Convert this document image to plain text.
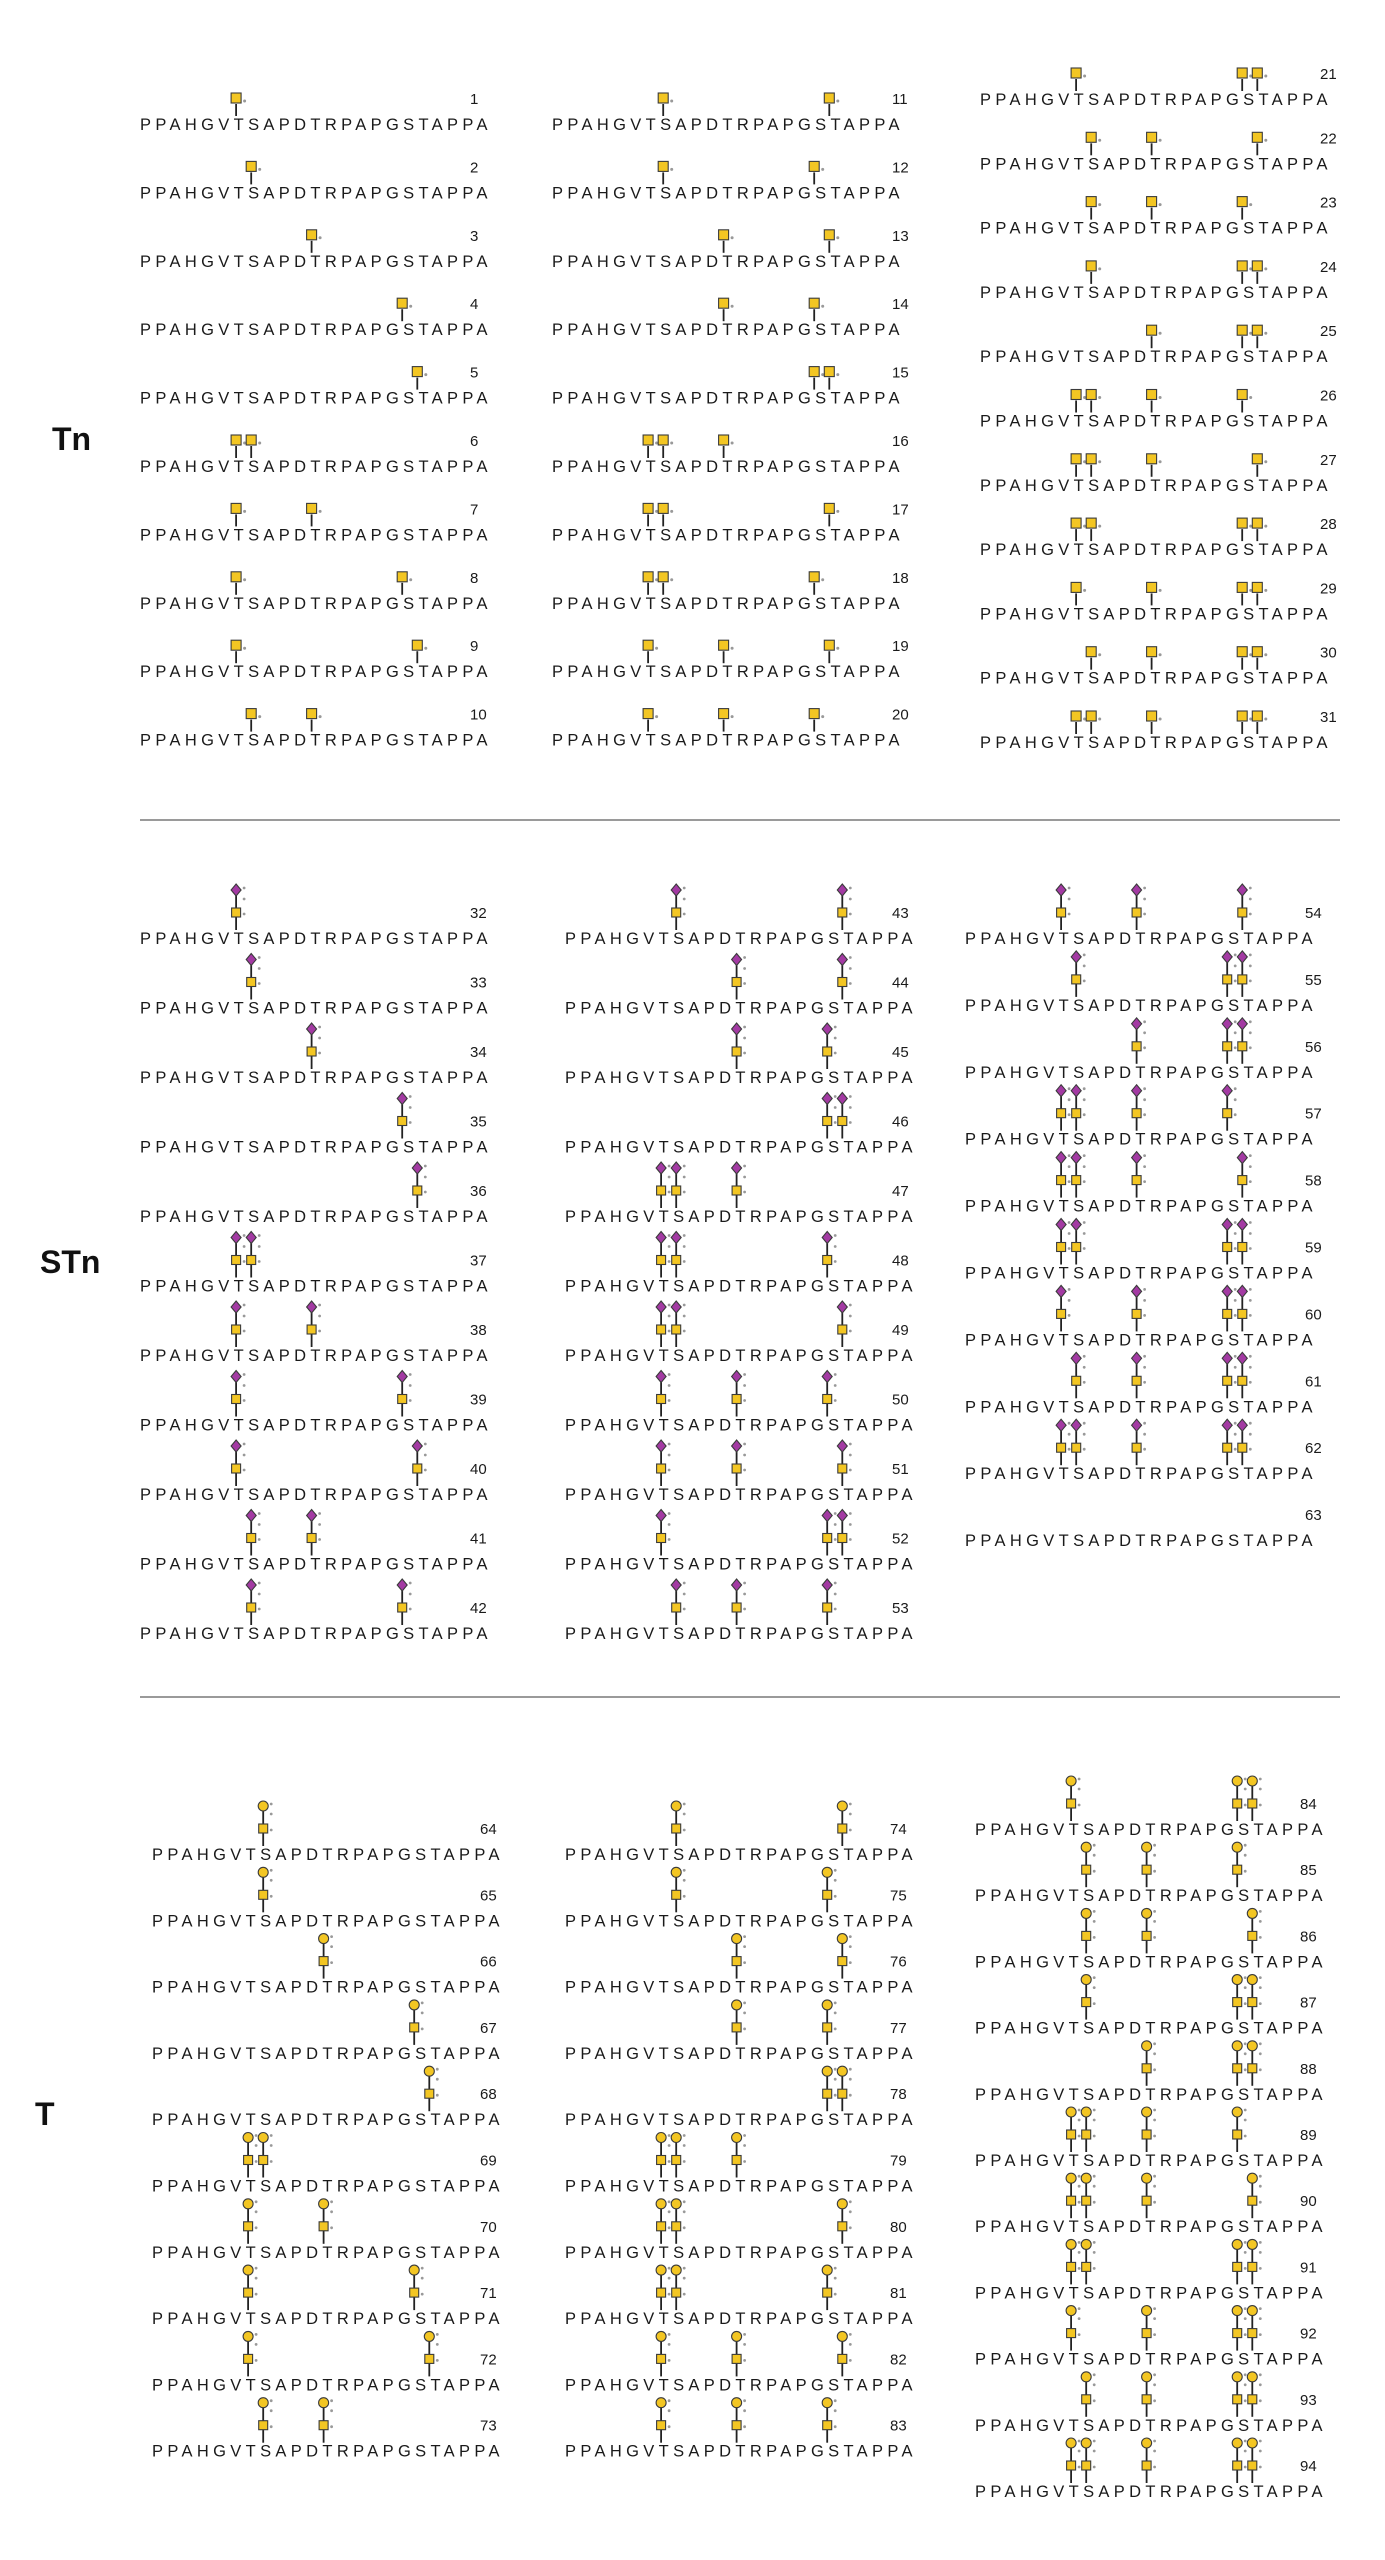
Tn
STn
T
PPAHGVTSAPDTRPAPGSTAPPA
1
PPAHGVTSAPDTRPAPGSTAPPA
2
PPAHGVTSAPDTRPAPGSTAPPA
3
PPAHGVTSAPDTRPAPGSTAPPA
4
PPAHGVTSAPDTRPAPGSTAPPA
5
PPAHGVTSAPDTRPAPGSTAPPA
6
PPAHGVTSAPDTRPAPGSTAPPA
7
PPAHGVTSAPDTRPAPGSTAPPA
8
PPAHGVTSAPDTRPAPGSTAPPA
9
PPAHGVTSAPDTRPAPGSTAPPA
10
PPAHGVTSAPDTRPAPGSTAPPA
11
PPAHGVTSAPDTRPAPGSTAPPA
12
PPAHGVTSAPDTRPAPGSTAPPA
13
PPAHGVTSAPDTRPAPGSTAPPA
14
PPAHGVTSAPDTRPAPGSTAPPA
15
PPAHGVTSAPDTRPAPGSTAPPA
16
PPAHGVTSAPDTRPAPGSTAPPA
17
PPAHGVTSAPDTRPAPGSTAPPA
18
PPAHGVTSAPDTRPAPGSTAPPA
19
PPAHGVTSAPDTRPAPGSTAPPA
20
PPAHGVTSAPDTRPAPGSTAPPA
21
PPAHGVTSAPDTRPAPGSTAPPA
22
PPAHGVTSAPDTRPAPGSTAPPA
23
PPAHGVTSAPDTRPAPGSTAPPA
24
PPAHGVTSAPDTRPAPGSTAPPA
25
PPAHGVTSAPDTRPAPGSTAPPA
26
PPAHGVTSAPDTRPAPGSTAPPA
27
PPAHGVTSAPDTRPAPGSTAPPA
28
PPAHGVTSAPDTRPAPGSTAPPA
29
PPAHGVTSAPDTRPAPGSTAPPA
30
PPAHGVTSAPDTRPAPGSTAPPA
31
PPAHGVTSAPDTRPAPGSTAPPA
32
PPAHGVTSAPDTRPAPGSTAPPA
33
PPAHGVTSAPDTRPAPGSTAPPA
34
PPAHGVTSAPDTRPAPGSTAPPA
35
PPAHGVTSAPDTRPAPGSTAPPA
36
PPAHGVTSAPDTRPAPGSTAPPA
37
PPAHGVTSAPDTRPAPGSTAPPA
38
PPAHGVTSAPDTRPAPGSTAPPA
39
PPAHGVTSAPDTRPAPGSTAPPA
40
PPAHGVTSAPDTRPAPGSTAPPA
41
PPAHGVTSAPDTRPAPGSTAPPA
42
PPAHGVTSAPDTRPAPGSTAPPA
43
PPAHGVTSAPDTRPAPGSTAPPA
44
PPAHGVTSAPDTRPAPGSTAPPA
45
PPAHGVTSAPDTRPAPGSTAPPA
46
PPAHGVTSAPDTRPAPGSTAPPA
47
PPAHGVTSAPDTRPAPGSTAPPA
48
PPAHGVTSAPDTRPAPGSTAPPA
49
PPAHGVTSAPDTRPAPGSTAPPA
50
PPAHGVTSAPDTRPAPGSTAPPA
51
PPAHGVTSAPDTRPAPGSTAPPA
52
PPAHGVTSAPDTRPAPGSTAPPA
53
PPAHGVTSAPDTRPAPGSTAPPA
54
PPAHGVTSAPDTRPAPGSTAPPA
55
PPAHGVTSAPDTRPAPGSTAPPA
56
PPAHGVTSAPDTRPAPGSTAPPA
57
PPAHGVTSAPDTRPAPGSTAPPA
58
PPAHGVTSAPDTRPAPGSTAPPA
59
PPAHGVTSAPDTRPAPGSTAPPA
60
PPAHGVTSAPDTRPAPGSTAPPA
61
PPAHGVTSAPDTRPAPGSTAPPA
62
PPAHGVTSAPDTRPAPGSTAPPA
63
PPAHGVTSAPDTRPAPGSTAPPA
64
PPAHGVTSAPDTRPAPGSTAPPA
65
PPAHGVTSAPDTRPAPGSTAPPA
66
PPAHGVTSAPDTRPAPGSTAPPA
67
PPAHGVTSAPDTRPAPGSTAPPA
68
PPAHGVTSAPDTRPAPGSTAPPA
69
PPAHGVTSAPDTRPAPGSTAPPA
70
PPAHGVTSAPDTRPAPGSTAPPA
71
PPAHGVTSAPDTRPAPGSTAPPA
72
PPAHGVTSAPDTRPAPGSTAPPA
73
PPAHGVTSAPDTRPAPGSTAPPA
74
PPAHGVTSAPDTRPAPGSTAPPA
75
PPAHGVTSAPDTRPAPGSTAPPA
76
PPAHGVTSAPDTRPAPGSTAPPA
77
PPAHGVTSAPDTRPAPGSTAPPA
78
PPAHGVTSAPDTRPAPGSTAPPA
79
PPAHGVTSAPDTRPAPGSTAPPA
80
PPAHGVTSAPDTRPAPGSTAPPA
81
PPAHGVTSAPDTRPAPGSTAPPA
82
PPAHGVTSAPDTRPAPGSTAPPA
83
PPAHGVTSAPDTRPAPGSTAPPA
84
PPAHGVTSAPDTRPAPGSTAPPA
85
PPAHGVTSAPDTRPAPGSTAPPA
86
PPAHGVTSAPDTRPAPGSTAPPA
87
PPAHGVTSAPDTRPAPGSTAPPA
88
PPAHGVTSAPDTRPAPGSTAPPA
89
PPAHGVTSAPDTRPAPGSTAPPA
90
PPAHGVTSAPDTRPAPGSTAPPA
91
PPAHGVTSAPDTRPAPGSTAPPA
92
PPAHGVTSAPDTRPAPGSTAPPA
93
PPAHGVTSAPDTRPAPGSTAPPA
94
